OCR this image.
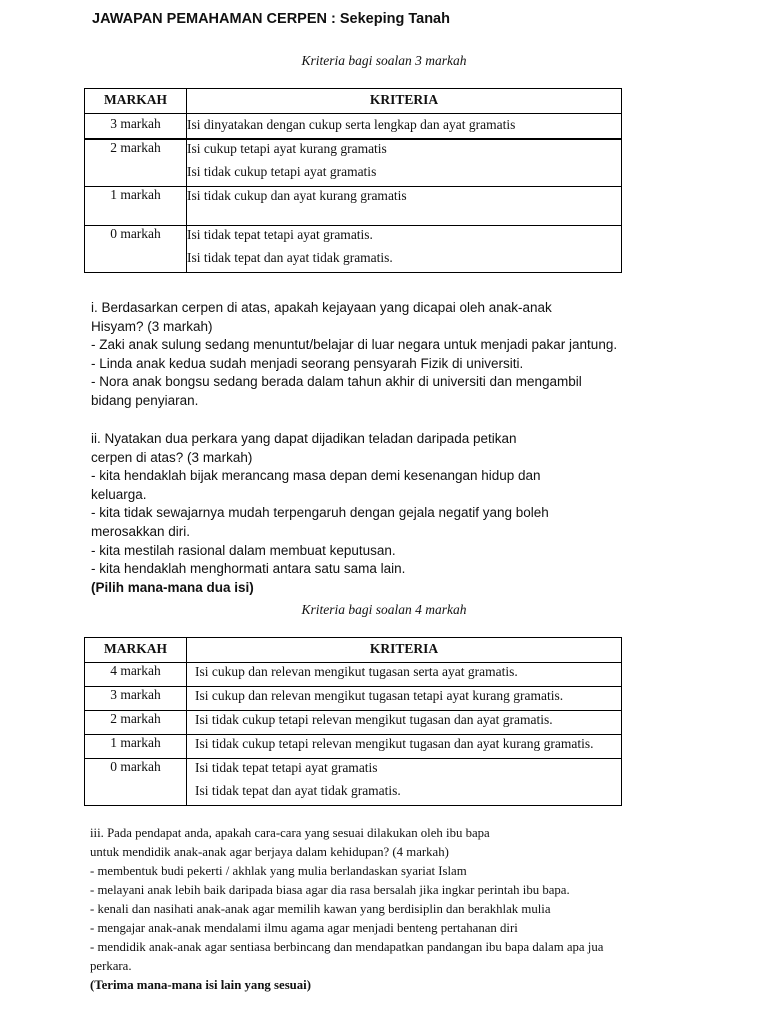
JAWAPAN PEMAHAMAN CERPEN : Sekeping Tanah
Kriteria bagi soalan 3 markah
MARKAH	KRITERIA
3 markah	Isi dinyatakan dengan cukup serta lengkap dan ayat gramatis

2 markah	Isi cukup tetapi ayat kurang gramatis
Isi tidak cukup tetapi ayat gramatis

1 markah	Isi tidak cukup dan ayat kurang gramatis

0 markah	Isi tidak tepat tetapi ayat gramatis.
Isi tidak tepat dan ayat tidak gramatis.

i. Berdasarkan cerpen di atas, apakah kejayaan yang dicapai oleh anak-anak

Hisyam? (3 markah)

- Zaki anak sulung sedang menuntut/belajar di luar negara untuk menjadi pakar jantung.

- Linda anak kedua sudah menjadi seorang pensyarah Fizik di universiti.

- Nora anak bongsu sedang berada dalam tahun akhir di universiti dan mengambil

bidang penyiaran.

ii. Nyatakan dua perkara yang dapat dijadikan teladan daripada petikan

cerpen di atas? (3 markah)

- kita hendaklah bijak merancang masa depan demi kesenangan hidup dan

keluarga.

- kita tidak sewajarnya mudah terpengaruh dengan gejala negatif yang boleh

merosakkan diri.

- kita mestilah rasional dalam membuat keputusan.

- kita hendaklah menghormati antara satu sama lain.

(Pilih mana-mana dua isi)

Kriteria bagi soalan 4 markah
MARKAH	KRITERIA
4 markah	Isi cukup dan relevan mengikut tugasan serta ayat gramatis.

3 markah	Isi cukup dan relevan mengikut tugasan tetapi ayat kurang gramatis.

2 markah	Isi tidak cukup tetapi relevan mengikut tugasan dan ayat gramatis.

1 markah	Isi tidak cukup tetapi relevan mengikut tugasan dan ayat kurang gramatis.

0 markah	Isi tidak tepat tetapi ayat gramatis
Isi tidak tepat dan ayat tidak gramatis.

iii. Pada pendapat anda, apakah cara-cara yang sesuai dilakukan oleh ibu bapa

untuk mendidik anak-anak agar berjaya dalam kehidupan? (4 markah)

- membentuk budi pekerti / akhlak yang mulia berlandaskan syariat Islam

- melayani anak lebih baik daripada biasa agar dia rasa bersalah jika ingkar perintah ibu bapa.

- kenali dan nasihati anak-anak agar memilih kawan yang berdisiplin dan berakhlak mulia

- mengajar anak-anak mendalami ilmu agama agar menjadi benteng pertahanan diri

- mendidik anak-anak agar sentiasa berbincang dan mendapatkan pandangan ibu bapa dalam apa jua

perkara.

(Terima mana-mana isi lain yang sesuai)
